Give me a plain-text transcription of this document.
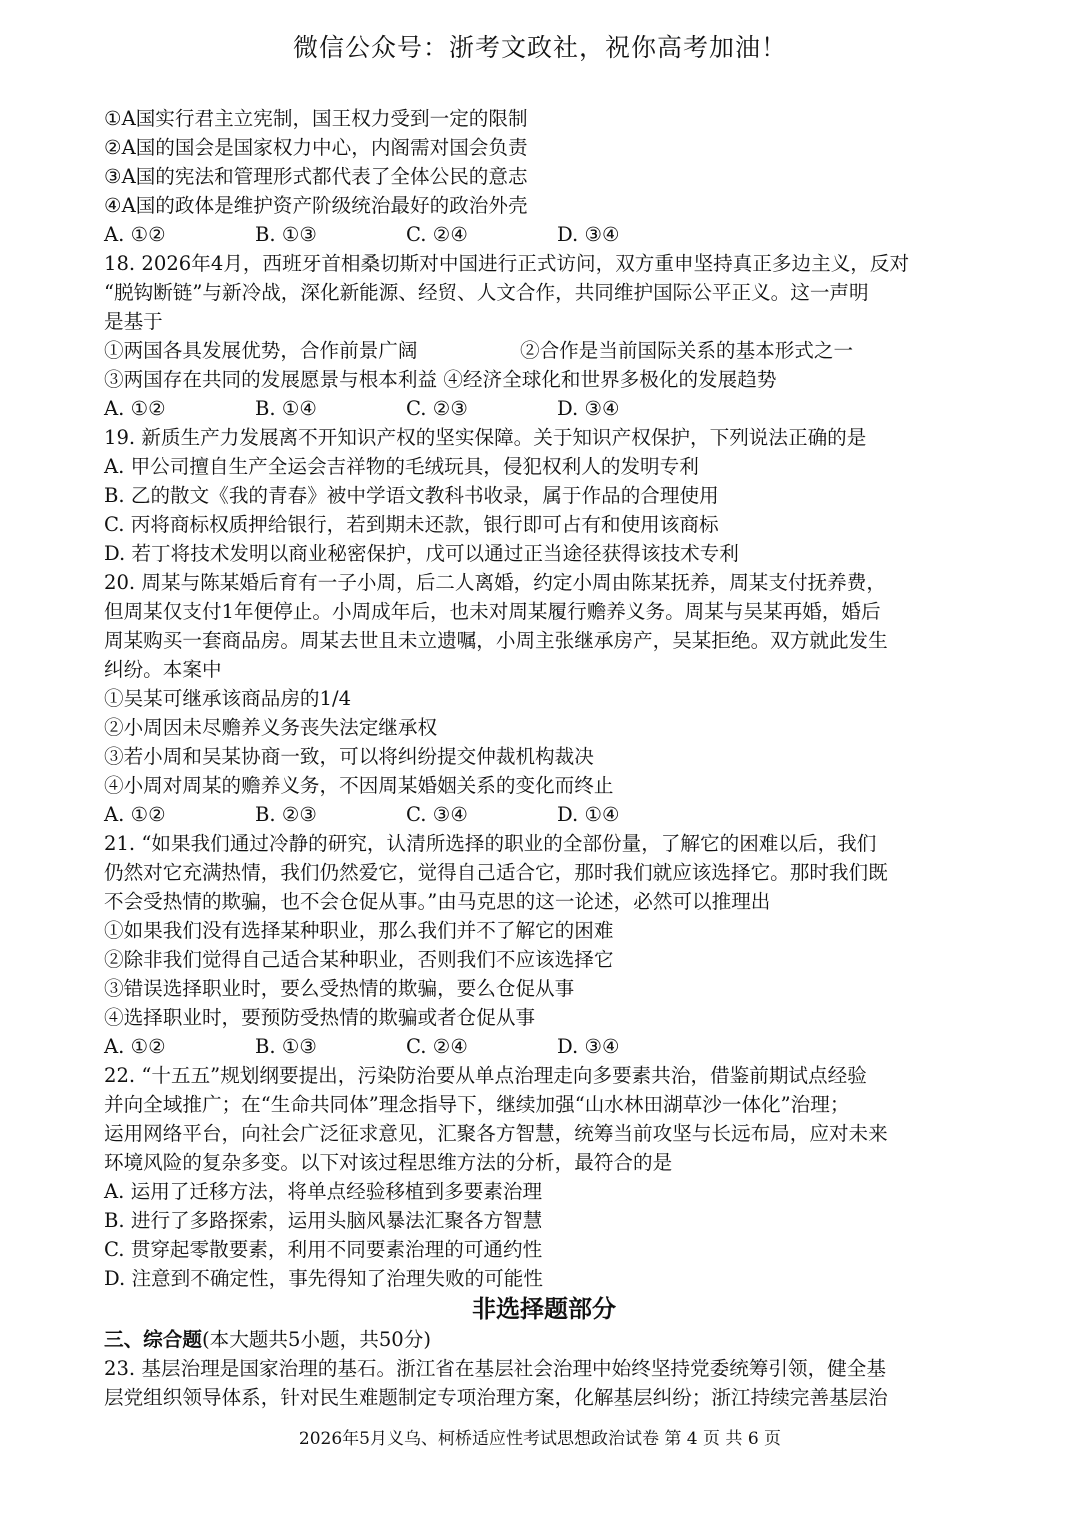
微信公众号：浙考文政社，祝你高考加油！
①A国实行君主立宪制，国王权力受到一定的限制
②A国的国会是国家权力中心，内阁需对国会负责
③A国的宪法和管理形式都代表了全体公民的意志
④A国的政体是维护资产阶级统治最好的政治外壳
A. ①②	B. ①③	C. ②④	D. ③④
18. 2026年4月，西班牙首相桑切斯对中国进行正式访问，双方重申坚持真正多边主义，反对
“脱钩断链”与新冷战，深化新能源、经贸、人文合作，共同维护国际公平正义。这一声明
是基于
①两国各具发展优势，合作前景广阔	②合作是当前国际关系的基本形式之一
③两国存在共同的发展愿景与根本利益 ④经济全球化和世界多极化的发展趋势
A. ①②	B. ①④	C. ②③	D. ③④
19. 新质生产力发展离不开知识产权的坚实保障。关于知识产权保护，下列说法正确的是
A. 甲公司擅自生产全运会吉祥物的毛绒玩具，侵犯权利人的发明专利
B. 乙的散文《我的青春》被中学语文教科书收录，属于作品的合理使用
C. 丙将商标权质押给银行，若到期未还款，银行即可占有和使用该商标
D. 若丁将技术发明以商业秘密保护，戊可以通过正当途径获得该技术专利
20. 周某与陈某婚后育有一子小周，后二人离婚，约定小周由陈某抚养，周某支付抚养费，
但周某仅支付1年便停止。小周成年后，也未对周某履行赡养义务。周某与吴某再婚，婚后
周某购买一套商品房。周某去世且未立遗嘱，小周主张继承房产，吴某拒绝。双方就此发生
纠纷。本案中
①吴某可继承该商品房的1/4
②小周因未尽赡养义务丧失法定继承权
③若小周和吴某协商一致，可以将纠纷提交仲裁机构裁决
④小周对周某的赡养义务，不因周某婚姻关系的变化而终止
A. ①②	B. ②③	C. ③④	D. ①④
21. “如果我们通过冷静的研究，认清所选择的职业的全部份量，了解它的困难以后，我们
仍然对它充满热情，我们仍然爱它，觉得自己适合它，那时我们就应该选择它。那时我们既
不会受热情的欺骗，也不会仓促从事。”由马克思的这一论述，必然可以推理出
①如果我们没有选择某种职业，那么我们并不了解它的困难
②除非我们觉得自己适合某种职业，否则我们不应该选择它
③错误选择职业时，要么受热情的欺骗，要么仓促从事
④选择职业时，要预防受热情的欺骗或者仓促从事
A. ①②	B. ①③	C. ②④	D. ③④
22. “十五五”规划纲要提出，污染防治要从单点治理走向多要素共治，借鉴前期试点经验
并向全域推广；在“生命共同体”理念指导下，继续加强“山水林田湖草沙一体化”治理；
运用网络平台，向社会广泛征求意见，汇聚各方智慧，统筹当前攻坚与长远布局，应对未来
环境风险的复杂多变。以下对该过程思维方法的分析，最符合的是
A. 运用了迁移方法，将单点经验移植到多要素治理
B. 进行了多路探索，运用头脑风暴法汇聚各方智慧
C. 贯穿起零散要素，利用不同要素治理的可通约性
D. 注意到不确定性，事先得知了治理失败的可能性
非选择题部分
三、综合题(本大题共5小题，共50分)
23. 基层治理是国家治理的基石。浙江省在基层社会治理中始终坚持党委统筹引领，健全基
层党组织领导体系，针对民生难题制定专项治理方案，化解基层纠纷；浙江持续完善基层治
2026年5月义乌、柯桥适应性考试思想政治试卷 第 4 页 共 6 页
